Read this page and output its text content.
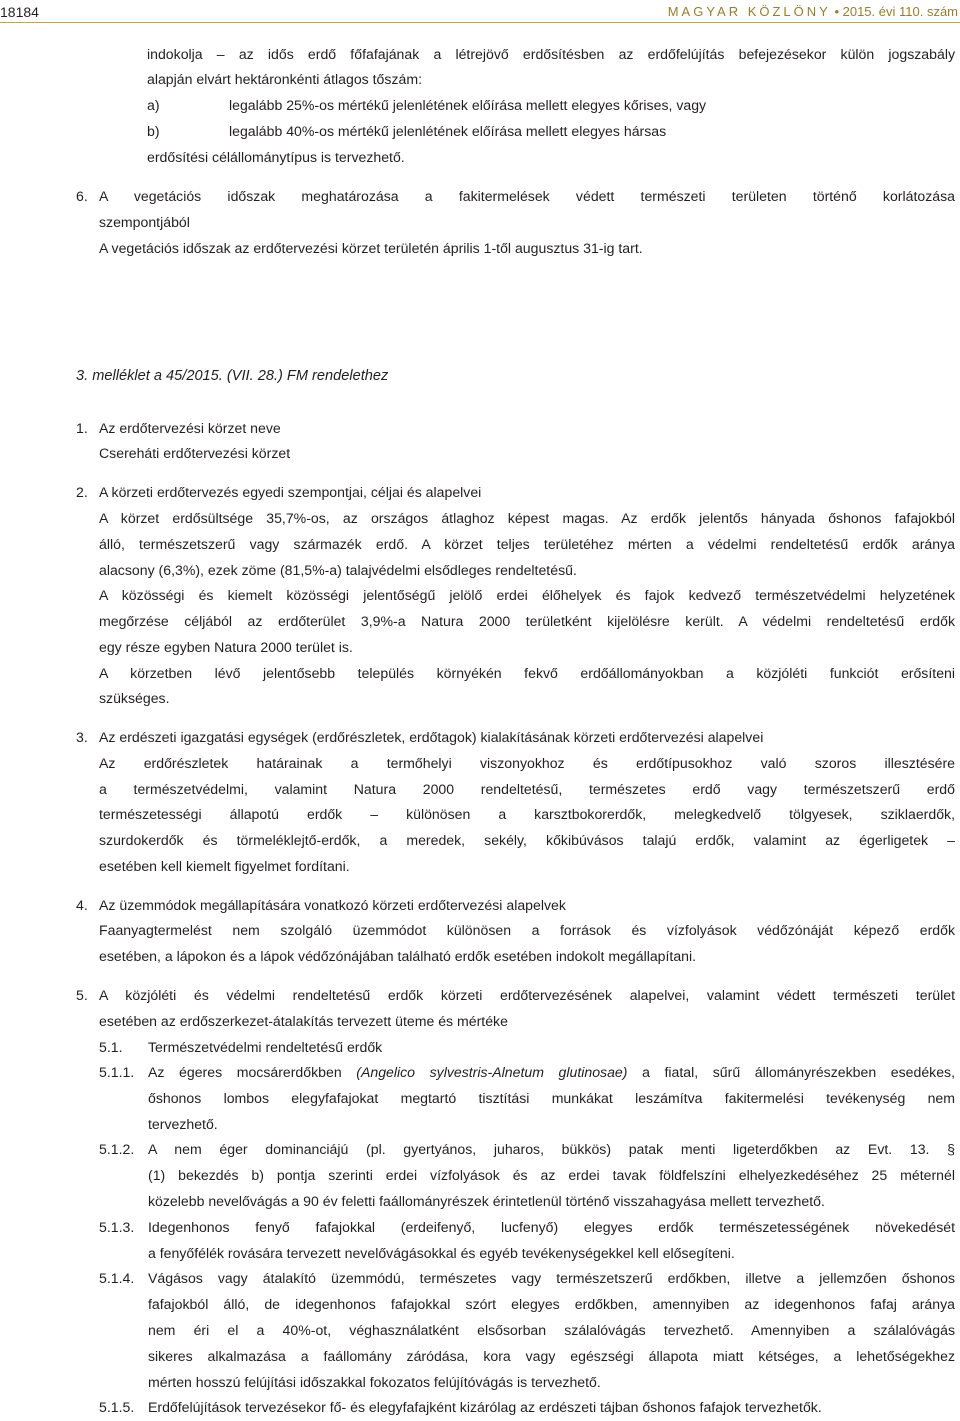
18184	MAGYAR KÖZLÖNY • 2015. évi 110. szám
indokolja – az idős erdő főfafajának a létrejövő erdősítésben az erdőfelújítás befejezésekor külön jogszabály
alapján elvárt hektáronkénti átlagos tőszám:
a)	legalább 25%-os mértékű jelenlétének előírása mellett elegyes kőrises, vagy
b)	legalább 40%-os mértékű jelenlétének előírása mellett elegyes hársas
erdősítési célállománytípus is tervezhető.
6. A vegetációs időszak meghatározása a fakitermelések védett természeti területen történő korlátozása
szempontjából
A vegetációs időszak az erdőtervezési körzet területén április 1-től augusztus 31-ig tart.
3. melléklet a 45/2015. (VII. 28.) FM rendelethez
1. Az erdőtervezési körzet neve
Csereháti erdőtervezési körzet
2. A körzeti erdőtervezés egyedi szempontjai, céljai és alapelvei
A körzet erdősültsége 35,7%-os, az országos átlaghoz képest magas. Az erdők jelentős hányada őshonos fafajokból
álló, természetszerű vagy származék erdő. A körzet teljes területéhez mérten a védelmi rendeltetésű erdők aránya
alacsony (6,3%), ezek zöme (81,5%-a) talajvédelmi elsődleges rendeltetésű.
A közösségi és kiemelt közösségi jelentőségű jelölő erdei élőhelyek és fajok kedvező természetvédelmi helyzetének
megőrzése céljából az erdőterület 3,9%-a Natura 2000 területként kijelölésre került. A védelmi rendeltetésű erdők
egy része egyben Natura 2000 terület is.
A körzetben lévő jelentősebb település környékén fekvő erdőállományokban a közjóléti funkciót erősíteni
szükséges.
3. Az erdészeti igazgatási egységek (erdőrészletek, erdőtagok) kialakításának körzeti erdőtervezési alapelvei
Az erdőrészletek határainak a termőhelyi viszonyokhoz és erdőtípusokhoz való szoros illesztésére
a természetvédelmi, valamint Natura 2000 rendeltetésű, természetes erdő vagy természetszerű erdő
természetességi állapotú erdők – különösen a karsztbokorerdők, melegkedvelő tölgyesek, sziklaerdők,
szurdokerdők és törmeléklejtő-erdők, a meredek, sekély, kőkibúvásos talajú erdők, valamint az égerligetek –
esetében kell kiemelt figyelmet fordítani.
4. Az üzemmódok megállapítására vonatkozó körzeti erdőtervezési alapelvek
Faanyagtermelést nem szolgáló üzemmódot különösen a források és vízfolyások védőzónáját képező erdők
esetében, a lápokon és a lápok védőzónájában található erdők esetében indokolt megállapítani.
5. A közjóléti és védelmi rendeltetésű erdők körzeti erdőtervezésének alapelvei, valamint védett természeti terület
esetében az erdőszerkezet-átalakítás tervezett üteme és mértéke
5.1. Természetvédelmi rendeltetésű erdők
5.1.1. Az égeres mocsárerdőkben (Angelico sylvestris-Alnetum glutinosae) a fiatal, sűrű állományrészekben esedékes,
őshonos lombos elegyfafajokat megtartó tisztítási munkákat leszámítva fakitermelési tevékenység nem
tervezhető.
5.1.2. A nem éger dominanciájú (pl. gyertyános, juharos, bükkös) patak menti ligeterdőkben az Evt. 13. §
(1) bekezdés b) pontja szerinti erdei vízfolyások és az erdei tavak földfelszíni elhelyezkedéséhez 25 méternél
közelebb nevelővágás a 90 év feletti faállományrészek érintetlenül történő visszahagyása mellett tervezhető.
5.1.3. Idegenhonos fenyő fafajokkal (erdeifenyő, lucfenyő) elegyes erdők természetességének növekedését
a fenyőfélék rovására tervezett nevelővágásokkal és egyéb tevékenységekkel kell elősegíteni.
5.1.4. Vágásos vagy átalakító üzemmódú, természetes vagy természetszerű erdőkben, illetve a jellemzően őshonos
fafajokból álló, de idegenhonos fafajokkal szórt elegyes erdőkben, amennyiben az idegenhonos fafaj aránya
nem éri el a 40%-ot, véghasználatként elsősorban szálalóvágás tervezhető. Amennyiben a szálalóvágás
sikeres alkalmazása a faállomány záródása, kora vagy egészségi állapota miatt kétséges, a lehetőségekhez
mérten hosszú felújítási időszakkal fokozatos felújítóvágás is tervezhető.
5.1.5. Erdőfelújítások tervezésekor fő- és elegyfafajként kizárólag az erdészeti tájban őshonos fafajok tervezhetők.
